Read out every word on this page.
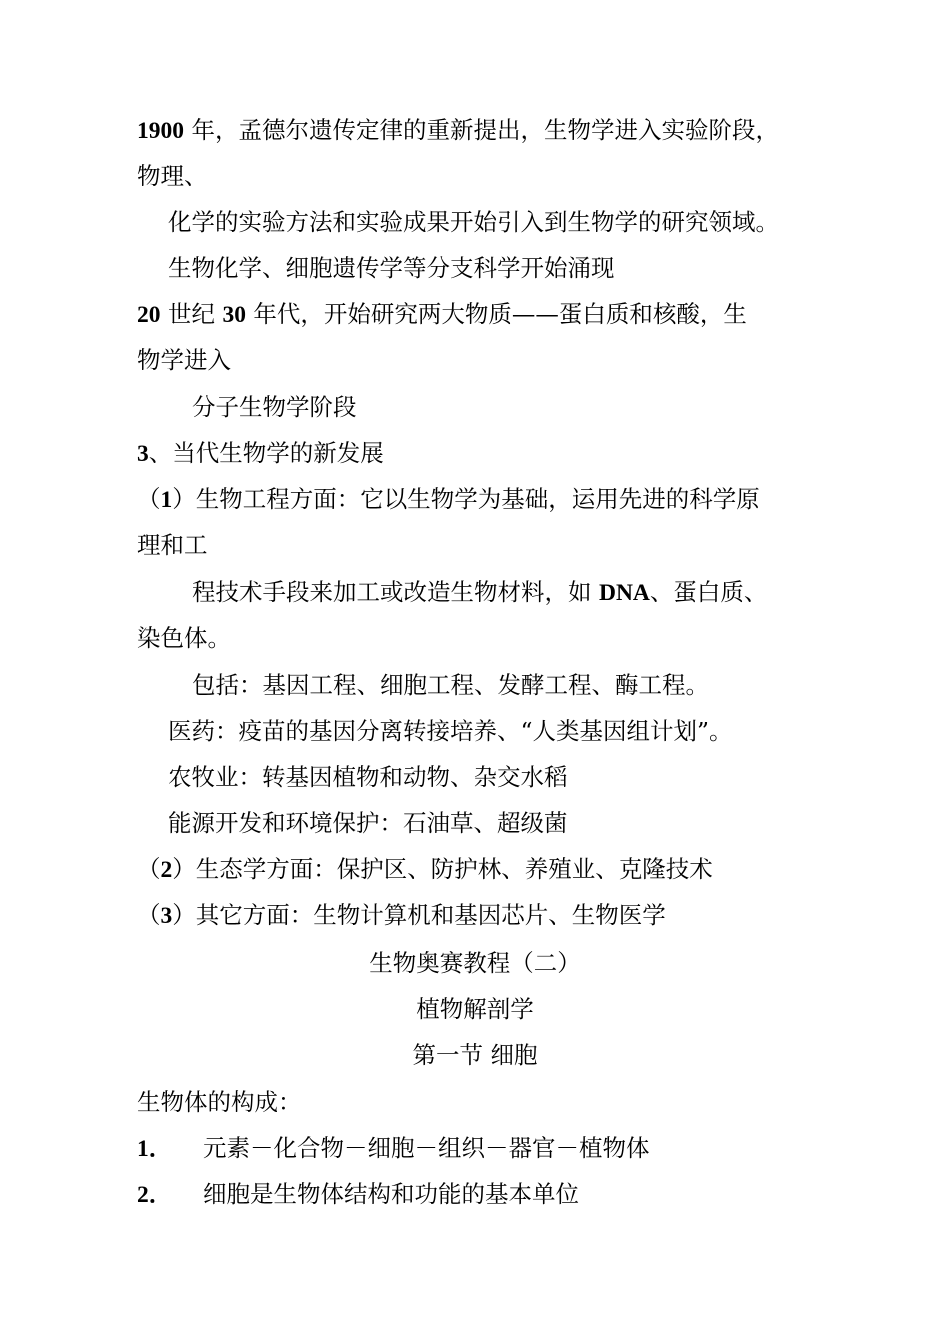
1900 年，孟德尔遗传定律的重新提出，生物学进入实验阶段，
物理、
化学的实验方法和实验成果开始引入到生物学的研究领域。
生物化学、细胞遗传学等分支科学开始涌现
20 世纪 30 年代，开始研究两大物质——蛋白质和核酸，生
物学进入
分子生物学阶段
3、当代生物学的新发展
（1）生物工程方面：它以生物学为基础，运用先进的科学原
理和工
程技术手段来加工或改造生物材料，如 DNA、蛋白质、
染色体。
包括：基因工程、细胞工程、发酵工程、酶工程。
医药：疫苗的基因分离转接培养、“人类基因组计划”。
农牧业：转基因植物和动物、杂交水稻
能源开发和环境保护：石油草、超级菌
（2）生态学方面：保护区、防护林、养殖业、克隆技术
（3）其它方面：生物计算机和基因芯片、生物医学
生物奥赛教程（二）
植物解剖学
第一节 细胞
生物体的构成：
1． 元素－化合物－细胞－组织－器官－植物体
2． 细胞是生物体结构和功能的基本单位
